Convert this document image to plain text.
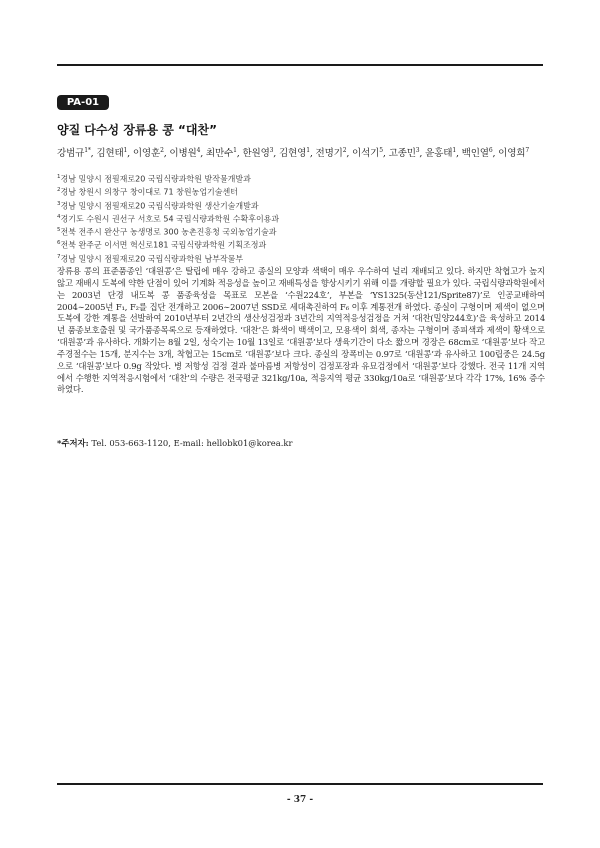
PA-01
양질 다수성 장류용 콩 “대찬”
강범규$^{1*}$, 김현태$^1$, 이영훈$^2$, 이병원$^4$, 최만수$^1$, 한원영$^3$, 김현영$^1$, 전명기$^2$, 이석기$^5$, 고종민$^3$, 윤홍태$^1$, 백인열$^6$, 이영희$^7$
$^1$경남 밀양시 점필재로20 국립식량과학원 밭작물개발과
$^2$경남 창원시 의창구 창이대로 71 창원농업기술센터
$^3$경남 밀양시 점필재로20 국립식량과학원 생산기술개발과
$^4$경기도 수원시 권선구 서호로 54 국립식량과학원 수확후이용과
$^5$전북 전주시 완산구 농생명로 300 농촌진흥청 국외농업기술과
$^6$전북 완주군 이서면 혁신로181 국립식량과학원 기획조정과
$^7$경남 밀양시 점필재로20 국립식량과학원 남부작물부
장류용 콩의 표준품종인 ‘대원콩’은 탈립에 매우 강하고 종실의 모양과 색택이 매우 우수하여 널리 재배되고 있다. 하지만 착협고가 높지 않고 재배시 도복에 약한 단점이 있어 기계화 적응성을 높이고 재배특성을 향상시키기 위해 이를 개량할 필요가 있다. 국립식량과학원에서는 2003년 단경 내도복 콩 품종육성을 목표로 모본을 ‘수원224호’, 부본을 ‘YS1325(동산121/Sprite87)’로 인공교배하여 2004∼2005년 F₁, F₂를 집단 전개하고 2006∼2007년 SSD로 세대촉진하여 F₆ 이후 계통전개 하였다. 종실이 구형이며 제색이 없으며 도복에 강한 계통을 선발하여 2010년부터 2년간의 생산성검정과 3년간의 지역적응성검정을 거쳐 ‘대찬(밀양244호)’을 육성하고 2014년 품종보호출원 및 국가품종목록으로 등재하였다. ‘대찬’은 화색이 백색이고, 모용색이 회색, 종자는 구형이며 종피색과 제색이 황색으로 ‘대원콩’과 유사하다. 개화기는 8월 2일, 성숙기는 10월 13일로 ‘대원콩’보다 생육기간이 다소 짧으며 경장은 68cm로 ‘대원콩’보다 작고 주경절수는 15개, 분지수는 3개, 착협고는 15cm로 ‘대원콩’보다 크다. 종실의 장폭비는 0.97로 ‘대원콩’과 유사하고 100립중은 24.5g으로 ‘대원콩’보다 0.9g 작았다. 병 저항성 검정 결과 불마름병 저항성이 검정포장과 유묘검정에서 ‘대원콩’보다 강했다. 전국 11개 지역에서 수행한 지역적응시험에서 ‘대찬’의 수량은 전국평균 321kg/10a, 적응지역 평균 330kg/10a로 ‘대원콩’보다 각각 17%, 16% 증수하였다.
*주저자: Tel. 053-663-1120, E-mail: hellobk01@korea.kr
- 37 -
